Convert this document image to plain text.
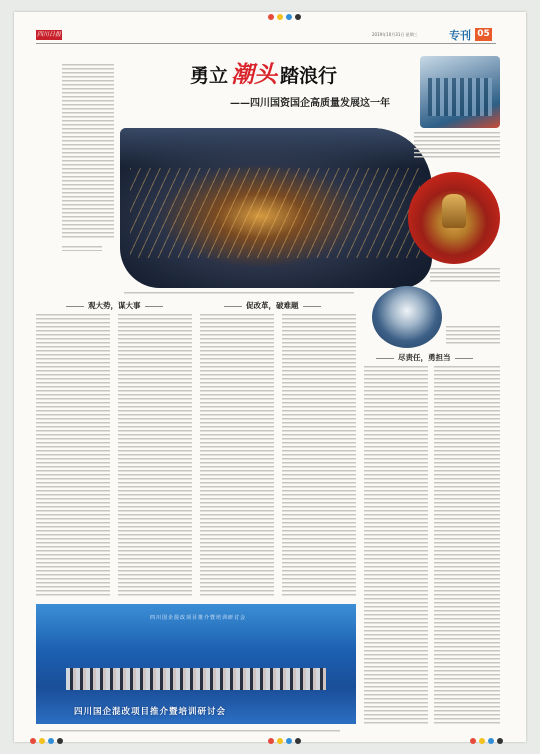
四川日报	2019年10月31日 星期三	专刊 05
勇立 潮头 踏浪行
——四川国资国企高质量发展这一年
观大势，谋大事	促改革，破难题
尽责任，勇担当
四川国企混改项目推介暨培训研讨会
四川国企混改项目推介暨培训研讨会
